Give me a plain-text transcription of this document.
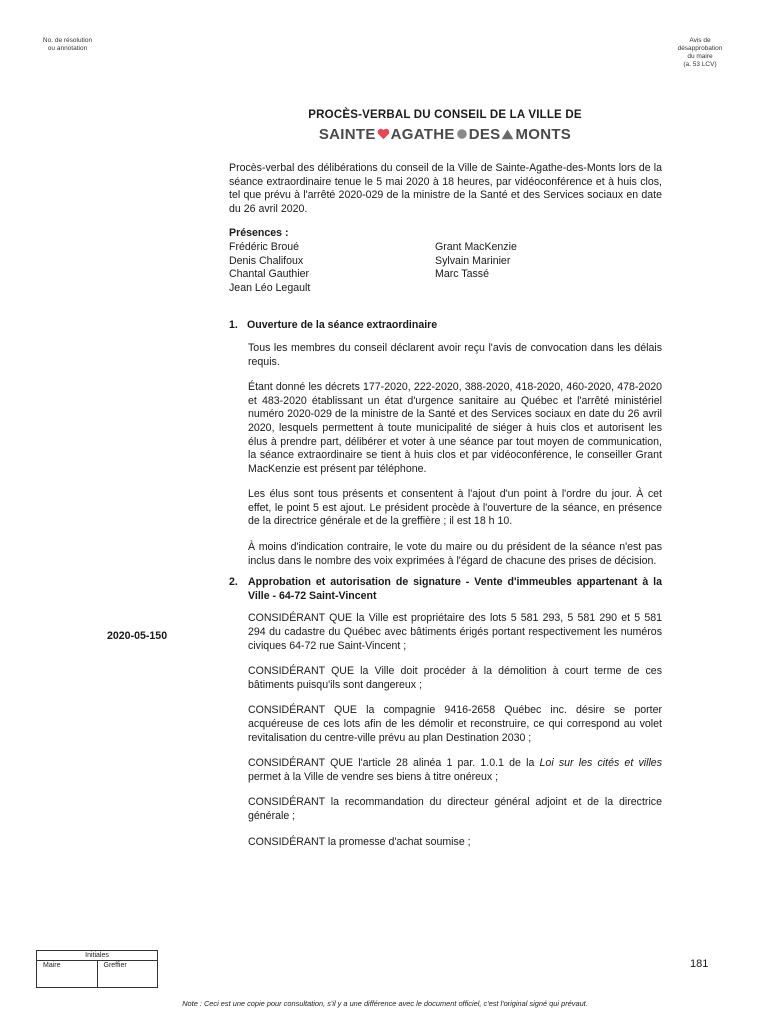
No. de résolution
ou annotation
Avis de
désapprobation
du maire
(a. 53 LCV)
PROCÈS-VERBAL DU CONSEIL DE LA VILLE DE
SAINTE AGATHE DES MONTS

Procès-verbal des délibérations du conseil de la Ville de Sainte-Agathe-des-Monts lors de la séance extraordinaire tenue le 5 mai 2020 à 18 heures, par vidéoconférence et à huis clos, tel que prévu à l'arrêté 2020-029 de la ministre de la Santé et des Services sociaux en date du 26 avril 2020.

Présences :
Frédéric Broué
Denis Chalifoux
Chantal Gauthier
Jean Léo Legault
Grant MacKenzie
Sylvain Marinier
Marc Tassé
1. Ouverture de la séance extraordinaire

Tous les membres du conseil déclarent avoir reçu l'avis de convocation dans les délais requis.

Étant donné les décrets 177-2020, 222-2020, 388-2020, 418-2020, 460-2020, 478-2020 et 483-2020 établissant un état d'urgence sanitaire au Québec et l'arrêté ministériel numéro 2020-029 de la ministre de la Santé et des Services sociaux en date du 26 avril 2020, lesquels permettent à toute municipalité de siéger à huis clos et autorisent les élus à prendre part, délibérer et voter à une séance par tout moyen de communication, la séance extraordinaire se tient à huis clos et par vidéoconférence, le conseiller Grant MacKenzie est présent par téléphone.

Les élus sont tous présents et consentent à l'ajout d'un point à l'ordre du jour. À cet effet, le point 5 est ajout. Le président procède à l'ouverture de la séance, en présence de la directrice générale et de la greffière ; il est 18 h 10.

À moins d'indication contraire, le vote du maire ou du président de la séance n'est pas inclus dans le nombre des voix exprimées à l'égard de chacune des prises de décision.

2. Approbation et autorisation de signature - Vente d'immeubles appartenant à la Ville - 64-72 Saint-Vincent

CONSIDÉRANT QUE la Ville est propriétaire des lots 5 581 293, 5 581 290 et 5 581 294 du cadastre du Québec avec bâtiments érigés portant respectivement les numéros civiques 64-72 rue Saint-Vincent ;

CONSIDÉRANT QUE la Ville doit procéder à la démolition à court terme de ces bâtiments puisqu'ils sont dangereux ;

CONSIDÉRANT QUE la compagnie 9416-2658 Québec inc. désire se porter acquéreuse de ces lots afin de les démolir et reconstruire, ce qui correspond au volet revitalisation du centre-ville prévu au plan Destination 2030 ;

CONSIDÉRANT QUE l'article 28 alinéa 1 par. 1.0.1 de la Loi sur les cités et villes permet à la Ville de vendre ses biens à titre onéreux ;

CONSIDÉRANT la recommandation du directeur général adjoint et de la directrice générale ;

CONSIDÉRANT la promesse d'achat soumise ;

2020-05-150
Initiales
Maire	Greffier	181
Note : Ceci est une copie pour consultation, s'il y a une différence avec le document officiel, c'est l'original signé qui prévaut.
